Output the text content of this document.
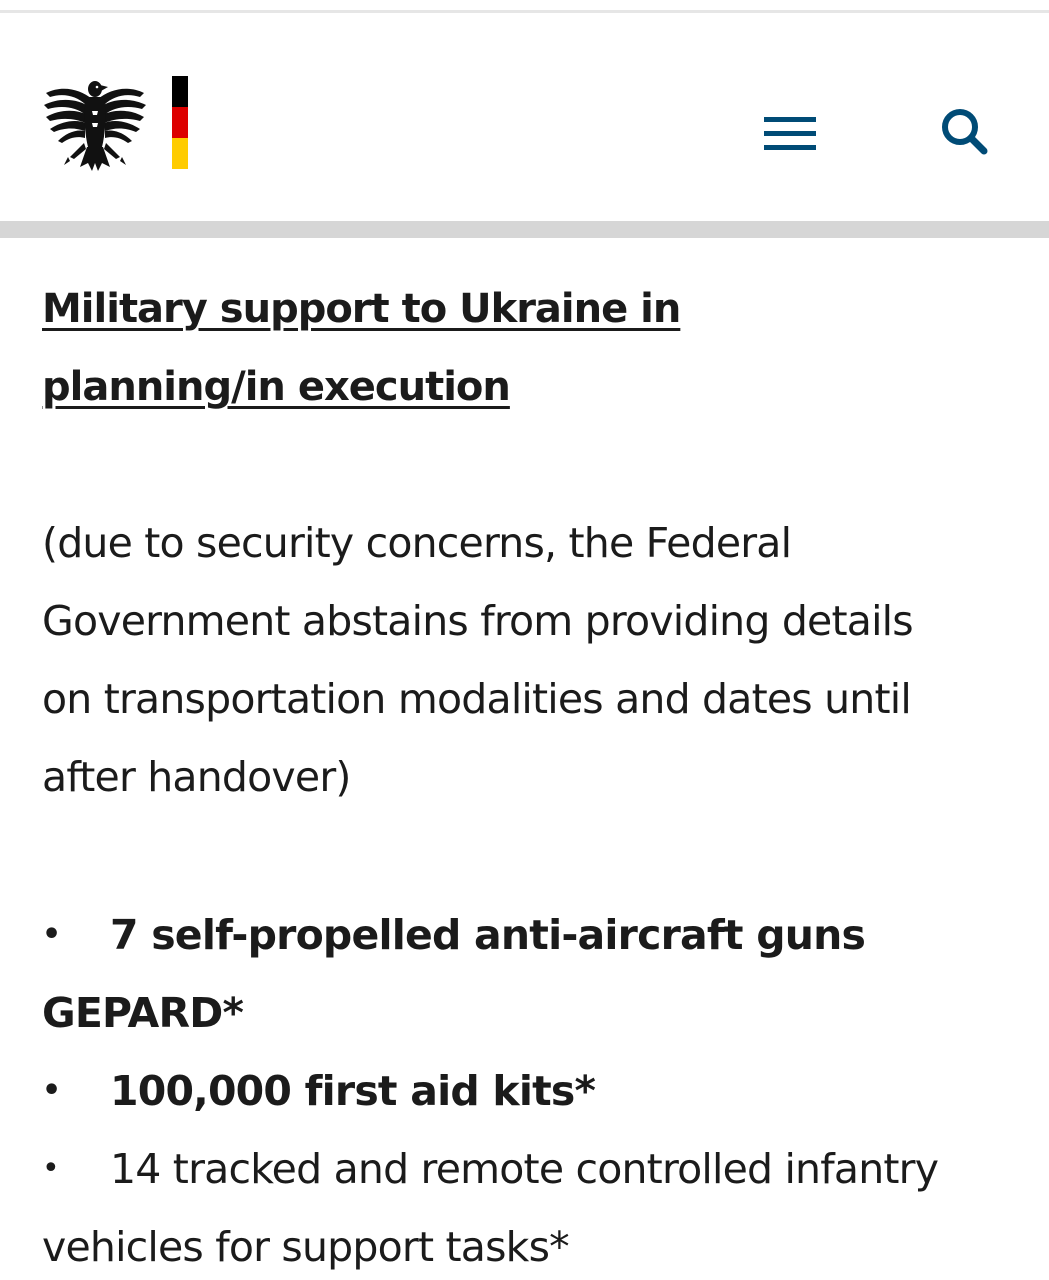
Military support to Ukraine in planning/in execution

(due to security concerns, the Federal Government abstains from providing details on transportation modalities and dates until after handover)

• 7 self-propelled anti-aircraft guns GEPARD*

• 100,000 first aid kits*

• 14 tracked and remote controlled infantry vehicles for support tasks*
